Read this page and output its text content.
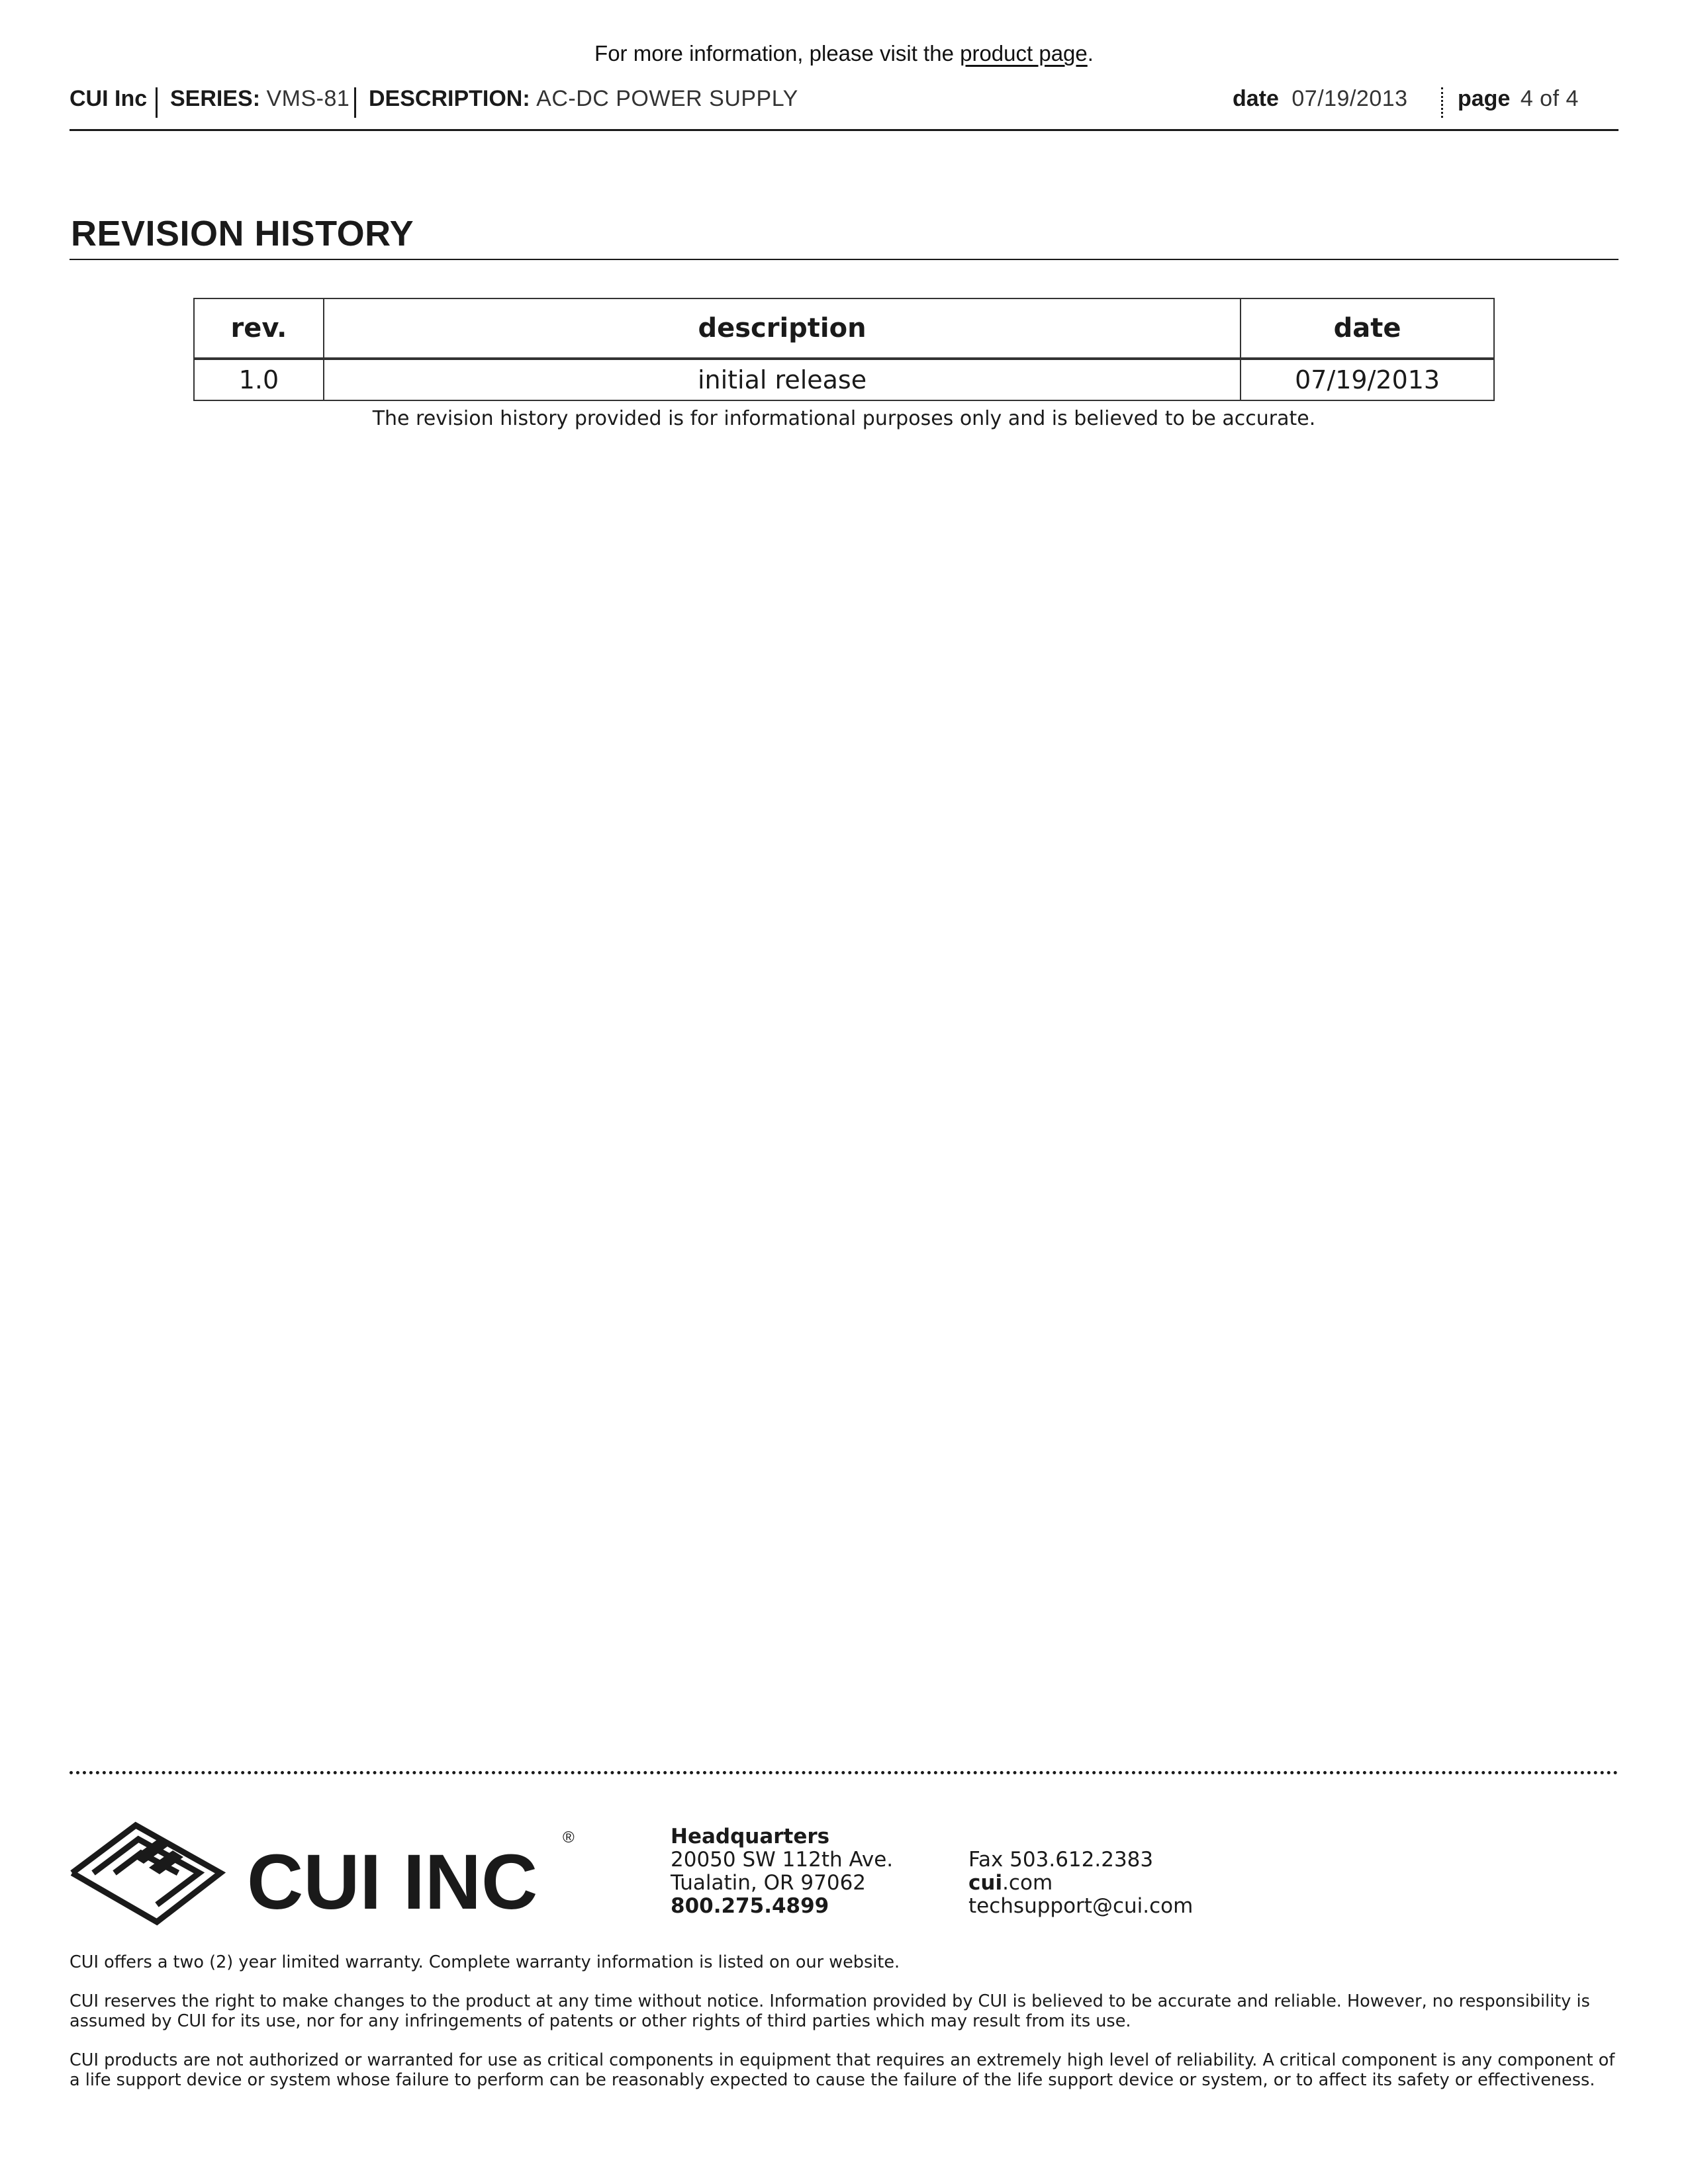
For more information, please visit the product page.
CUI Inc SERIES: VMS-81 DESCRIPTION: AC-DC POWER SUPPLY	date 07/19/2013 page 4 of 4
REVISION HISTORY
rev.	description	date
1.0	initial release	07/19/2013
The revision history provided is for informational purposes only and is believed to be accurate.
CUI INC
®	Headquarters
20050 SW 112th Ave.
Tualatin, OR 97062
800.275.4899
Fax 503.612.2383
cui.com
techsupport@cui.com
CUI offers a two (2) year limited warranty. Complete warranty information is listed on our website.
CUI reserves the right to make changes to the product at any time without notice. Information provided by CUI is believed to be accurate and reliable. However, no responsibility is assumed by CUI for its use, nor for any infringements of patents or other rights of third parties which may result from its use.
CUI products are not authorized or warranted for use as critical components in equipment that requires an extremely high level of reliability. A critical component is any component of a life support device or system whose failure to perform can be reasonably expected to cause the failure of the life support device or system, or to affect its safety or effectiveness.
